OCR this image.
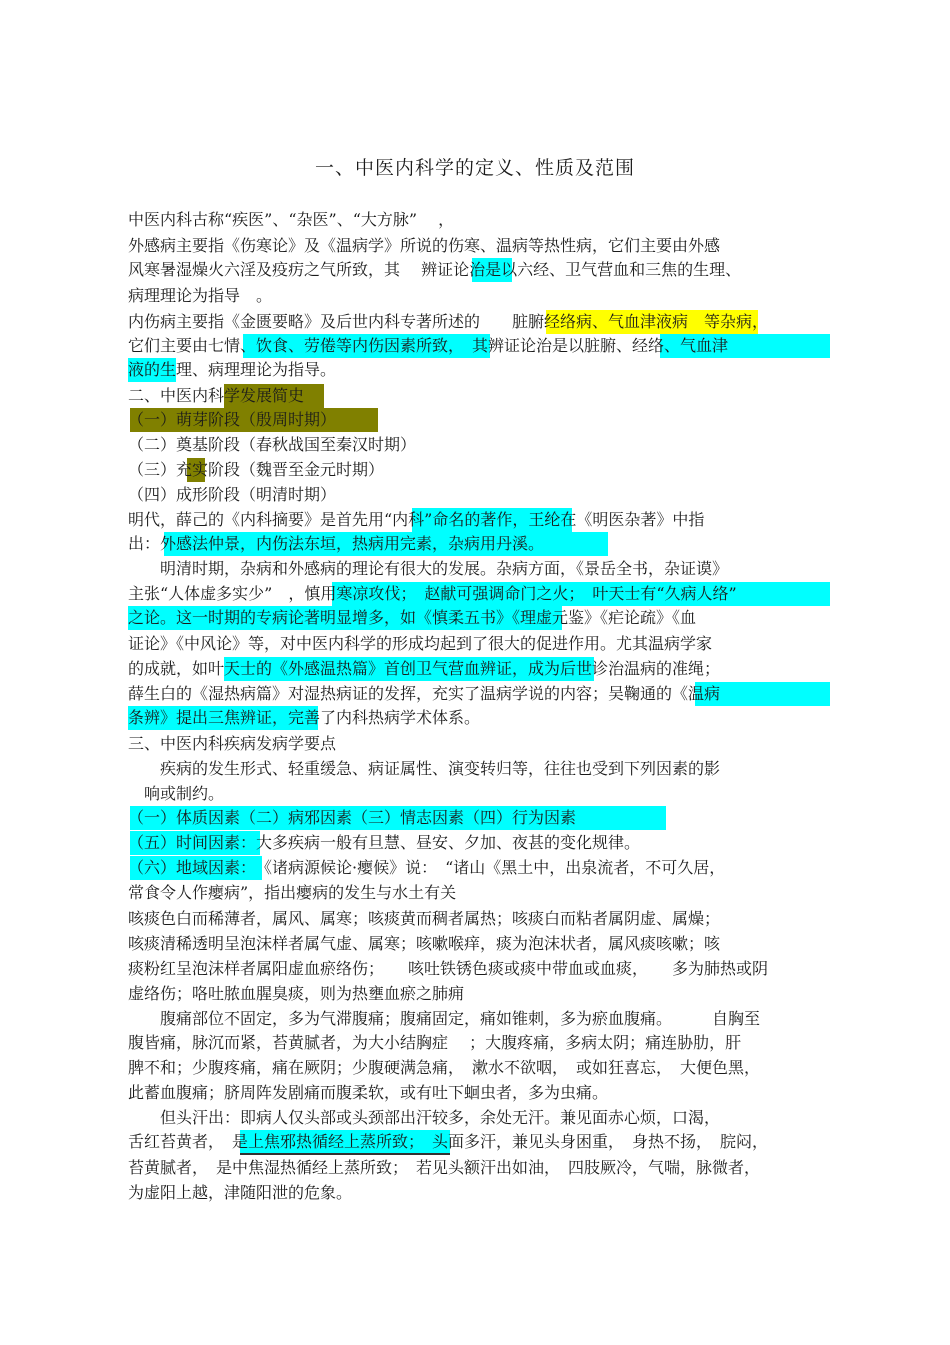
一、中医内科学的定义、性质及范围
中医内科古称“疾医”、“杂医”、“大方脉”　 ，
外感病主要指《伤寒论》及《温病学》所说的伤寒、温病等热性病，它们主要由外感
风寒暑湿燥火六淫及疫疠之气所致，其　 辨证论治是以六经、卫气营血和三焦的生理、
病理理论为指导　。
内伤病主要指《金匮要略》及后世内科专著所述的　　脏腑经络病、气血津液病　等杂病，
它们主要由七情、饮食、劳倦等内伤因素所致，　其辨证论治是以脏腑、经络、气血津
液的生理、病理理论为指导。
二、中医内科学发展简史
（一）萌芽阶段（殷周时期）
（二）奠基阶段（春秋战国至秦汉时期）
（三）充实阶段（魏晋至金元时期）
（四）成形阶段（明清时期）
明代，薛己的《内科摘要》是首先用“内科”命名的著作，王纶在《明医杂著》中指
出：外感法仲景，内伤法东垣，热病用完素，杂病用丹溪。
　　明清时期，杂病和外感病的理论有很大的发展。杂病方面，《景岳全书，杂证谟》
主张“人体虚多实少”　，慎用寒凉攻伐；　赵献可强调命门之火；　叶天士有“久病人络”
之论。这一时期的专病论著明显增多，如《慎柔五书》《理虚元鉴》《疟论疏》《血
证论》《中风论》等，对中医内科学的形成均起到了很大的促进作用。尤其温病学家
的成就，如叶天士的《外感温热篇》首创卫气营血辨证，成为后世诊治温病的准绳；
薛生白的《湿热病篇》对湿热病证的发挥，充实了温病学说的内容；吴鞠通的《温病
条辨》提出三焦辨证，完善了内科热病学术体系。
三、中医内科疾病发病学要点
　　疾病的发生形式、轻重缓急、病证属性、演变转归等，往往也受到下列因素的影
　响或制约。
（一）体质因素（二）病邪因素（三）情志因素（四）行为因素
（五）时间因素：大多疾病一般有旦慧、昼安、夕加、夜甚的变化规律。
（六）地域因素：　《诸病源候论·瘿候》说：　“诸山《黑土中，出泉流者，不可久居，
常食令人作瘿病”，指出瘿病的发生与水土有关
咳痰色白而稀薄者，属风、属寒；咳痰黄而稠者属热；咳痰白而粘者属阴虚、属燥；
咳痰清稀透明呈泡沫样者属气虚、属寒；咳嗽喉痒，痰为泡沫状者，属风痰咳嗽；咳
痰粉红呈泡沫样者属阳虚血瘀络伤；　　咳吐铁锈色痰或痰中带血或血痰，　　多为肺热或阴
虚络伤；咯吐脓血腥臭痰，则为热壅血瘀之肺痈
　　腹痛部位不固定，多为气滞腹痛；腹痛固定，痛如锥刺，多为瘀血腹痛。　　　自胸至
腹皆痛，脉沉而紧，苔黄腻者，为大小结胸症　 ；大腹疼痛，多病太阴；痛连胁肋，肝
脾不和；少腹疼痛，痛在厥阴；少腹硬满急痛，　漱水不欲咽，　或如狂喜忘，　大便色黑，
此蓄血腹痛；脐周阵发剧痛而腹柔软，或有吐下蛔虫者，多为虫痛。
　　但头汗出：即病人仅头部或头颈部出汗较多，余处无汗。兼见面赤心烦，口渴，
舌红苔黄者，　是上焦邪热循经上蒸所致；　头面多汗，兼见头身困重，　身热不扬，　脘闷，
苔黄腻者，　是中焦湿热循经上蒸所致；　若见头额汗出如油，　四肢厥冷，气喘，脉微者，
为虚阳上越，津随阳泄的危象。
